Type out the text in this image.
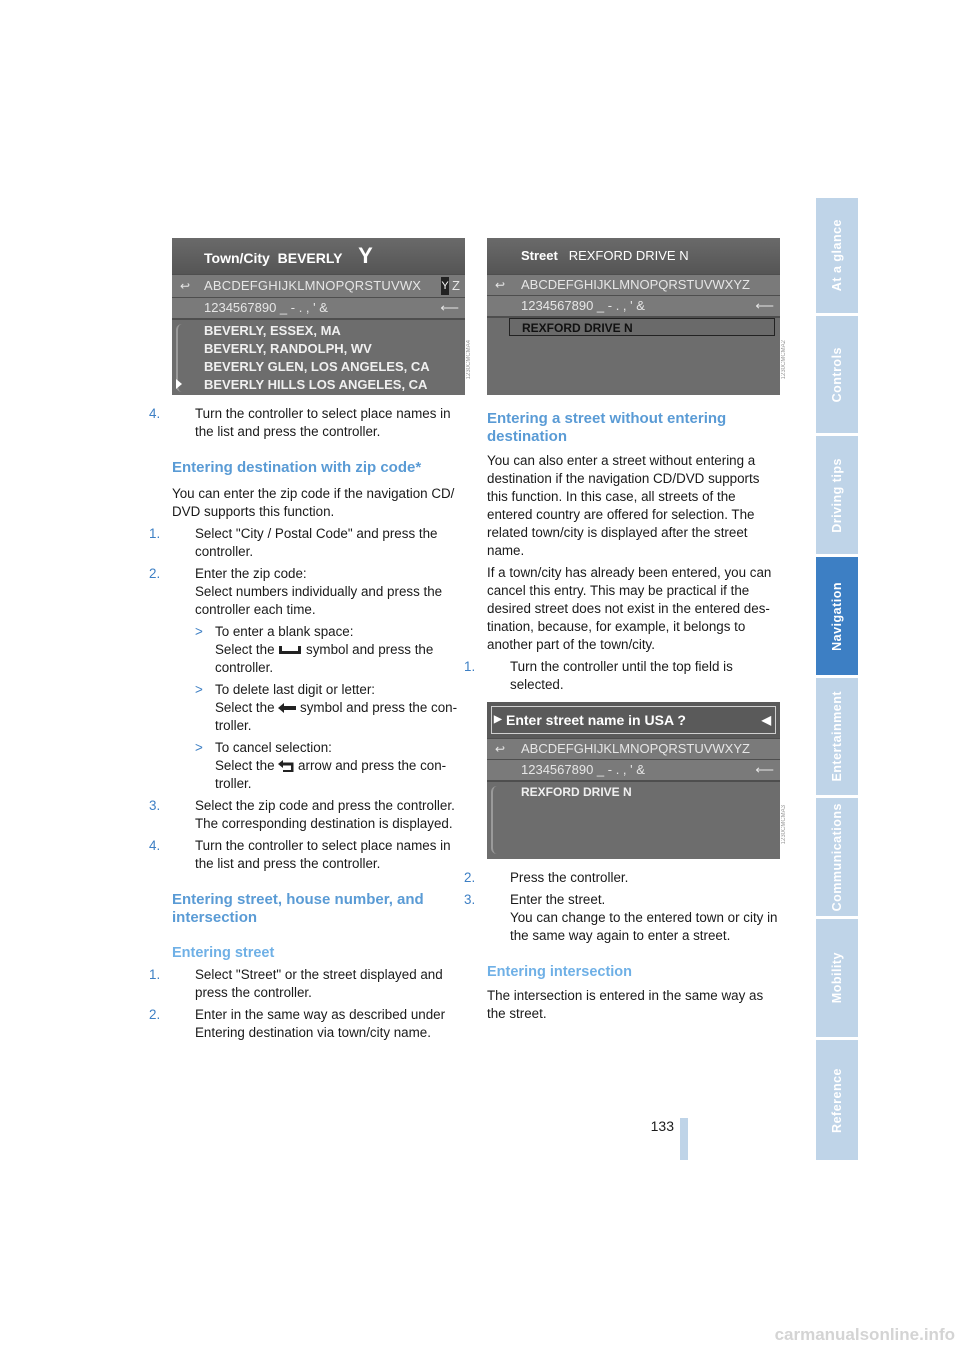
At a glance
Controls
Driving tips
Navigation
Entertainment
Communications
Mobility
Reference
Town/City BEVERLY Y
↩ ABCDEFGHIJKLMNOPQRSTUVWX Y Z
1234567890 _ - . , ' &	⟵
BEVERLY, ESSEX, MA
BEVERLY, RANDOLPH, WV
BEVERLY GLEN, LOS ANGELES, CA
BEVERLY HILLS LOS ANGELES, CA
1230CMCMA4
Street REXFORD DRIVE N
↩ ABCDEFGHIJKLMNOPQRSTUVWXYZ
1234567890 _ - . , ' &	⟵
REXFORD DRIVE N
1230CMCMA2
▶ Enter street name in USA ?	◀
↩ ABCDEFGHIJKLMNOPQRSTUVWXYZ
1234567890 _ - . , ' &	⟵
REXFORD DRIVE N
1230CMCMA3
4.	Turn the controller to select place names in the list and press the controller.
Entering destination with zip code*
You can enter the zip code if the navigation CD/ DVD supports this function.
1.	Select "City / Postal Code" and press the controller.
2.	Enter the zip code:
Select numbers individually and press the controller each time.
> To enter a blank space:
Select the symbol and press the controller.
> To delete last digit or letter:
Select the symbol and press the con- troller.
> To cancel selection:
Select the arrow and press the con- troller.
3.	Select the zip code and press the controller.
The corresponding destination is displayed.
4.	Turn the controller to select place names in the list and press the controller.
Entering street, house number, and intersection
Entering street
1.	Select "Street" or the street displayed and press the controller.
2.	Enter in the same way as described under Entering destination via town/city name.
Entering a street without entering destination
You can also enter a street without entering a destination if the navigation CD/DVD supports this function. In this case, all streets of the entered country are offered for selection. The related town/city is displayed after the street name.
If a town/city has already been entered, you can cancel this entry. This may be practical if the desired street does not exist in the entered des- tination, because, for example, it belongs to another part of the town/city.
1.	Turn the controller until the top field is selected.
2.	Press the controller.
3.	Enter the street.
You can change to the entered town or city in the same way again to enter a street.
Entering intersection
The intersection is entered in the same way as the street.
133
carmanualsonline.info
